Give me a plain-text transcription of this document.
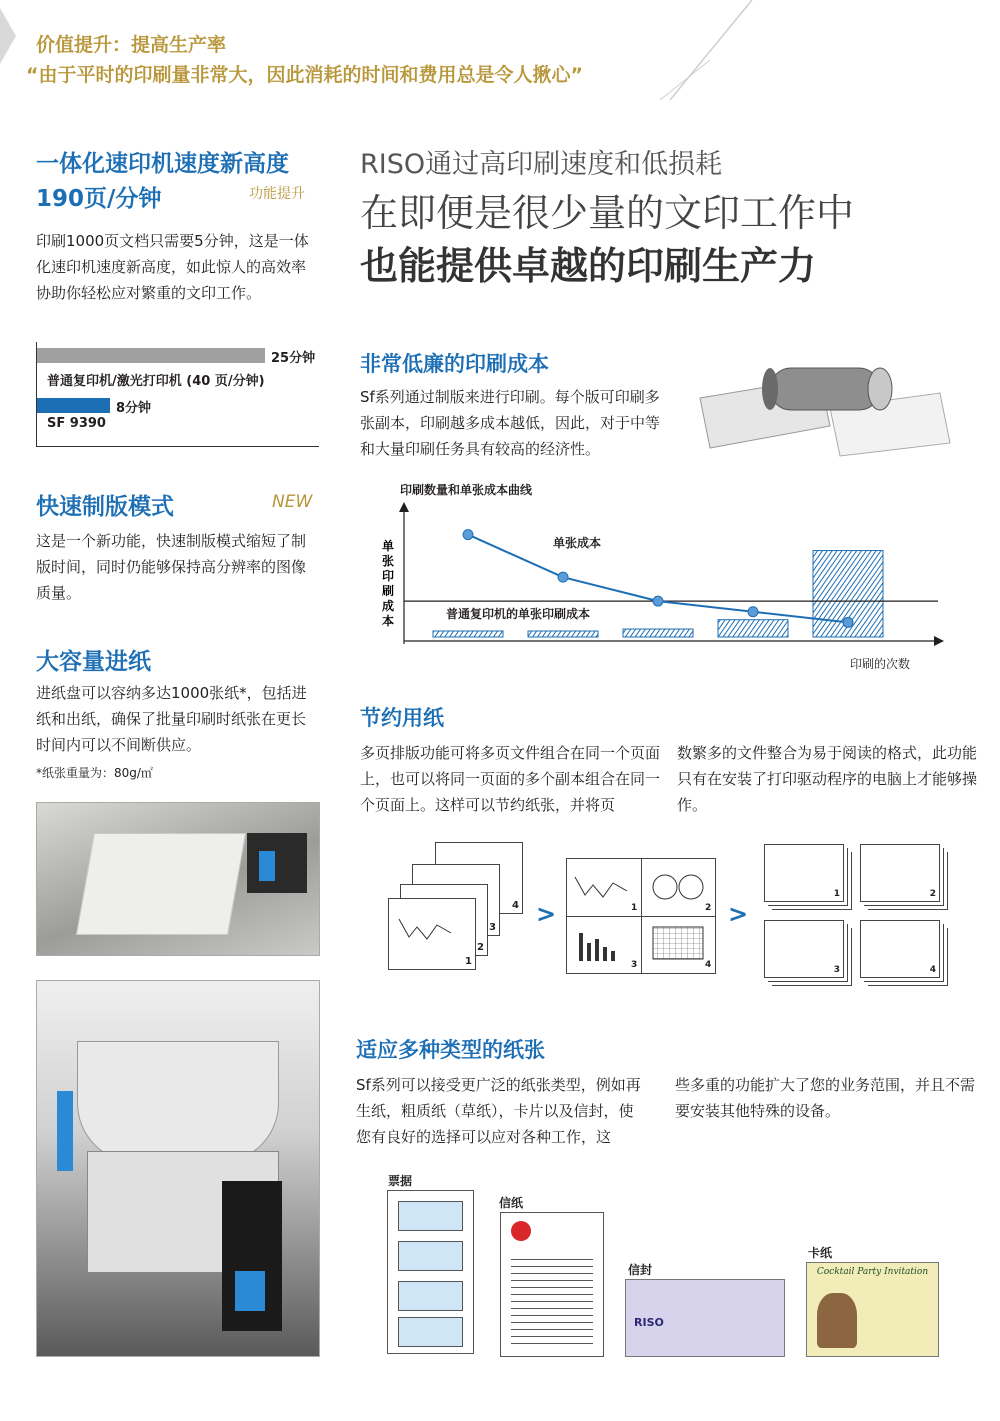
价值提升：提高生产率
“由于平时的印刷量非常大，因此消耗的时间和费用总是令人揪心”
一体化速印机速度新高度
190页/分钟	功能提升

印刷1000页文档只需要5分钟，这是一体化速印机速度新高度，如此惊人的高效率协助你轻松应对繁重的文印工作。

25分钟
普通复印机/激光打印机 (40 页/分钟)
8分钟
SF 9390
快速制版模式	NEW

这是一个新功能，快速制版模式缩短了制版时间，同时仍能够保持高分辨率的图像质量。

大容量进纸

进纸盘可以容纳多达1000张纸*，包括进纸和出纸，确保了批量印刷时纸张在更长时间内可以不间断供应。

*纸张重量为：80g/㎡
RISO通过高印刷速度和低损耗
在即便是很少量的文印工作中
也能提供卓越的印刷生产力
非常低廉的印刷成本

Sf系列通过制版来进行印刷。每个版可印刷多张副本，印刷越多成本越低，因此，对于中等和大量印刷任务具有较高的经济性。

印刷数量和单张成本曲线
单
张
印
刷
成
本
印刷的次数
普通复印机的单张印刷成本
单张成本
节约用纸

多页排版功能可将多页文件组合在同一个页面上，也可以将同一页面的多个副本组合在同一个页面上。这样可以节约纸张，并将页

数繁多的文件整合为易于阅读的格式，此功能只有在安装了打印驱动程序的电脑上才能够操作。

4
3
2
1
>	1	2
3	4
>
1	2
3	4
适应多种类型的纸张

Sf系列可以接受更广泛的纸张类型，例如再生纸，粗质纸（草纸），卡片以及信封，使您有良好的选择可以应对各种工作，这

些多重的功能扩大了您的业务范围，并且不需要安装其他特殊的设备。

票据
信纸
信封
RISO
卡纸
Cocktail Party Invitation
